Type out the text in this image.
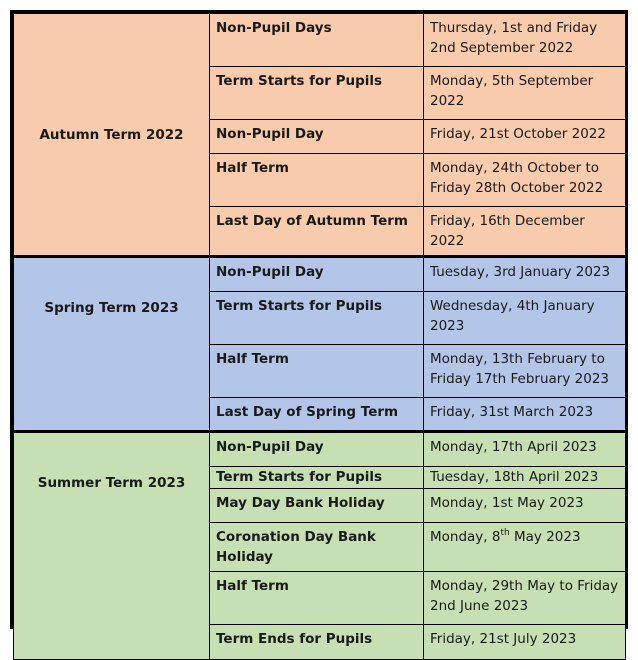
Autumn Term 2022	Non-Pupil Days	Thursday, 1st and Friday 2nd September 2022
	Term Starts for Pupils	Monday, 5th September 2022
	Non-Pupil Day	Friday, 21st October 2022
	Half Term	Monday, 24th October to Friday 28th October 2022
	Last Day of Autumn Term	Friday, 16th December 2022
Spring Term 2023	Non-Pupil Day	Tuesday, 3rd January 2023
	Term Starts for Pupils	Wednesday, 4th January 2023
	Half Term	Monday, 13th February to Friday 17th February 2023
	Last Day of Spring Term	Friday, 31st March 2023
Summer Term 2023	Non-Pupil Day	Monday, 17th April 2023
	Term Starts for Pupils	Tuesday, 18th April 2023
	May Day Bank Holiday	Monday, 1st May 2023
	Coronation Day Bank Holiday	Monday, 8th May 2023
	Half Term	Monday, 29th May to Friday 2nd June 2023
	Term Ends for Pupils	Friday, 21st July 2023
